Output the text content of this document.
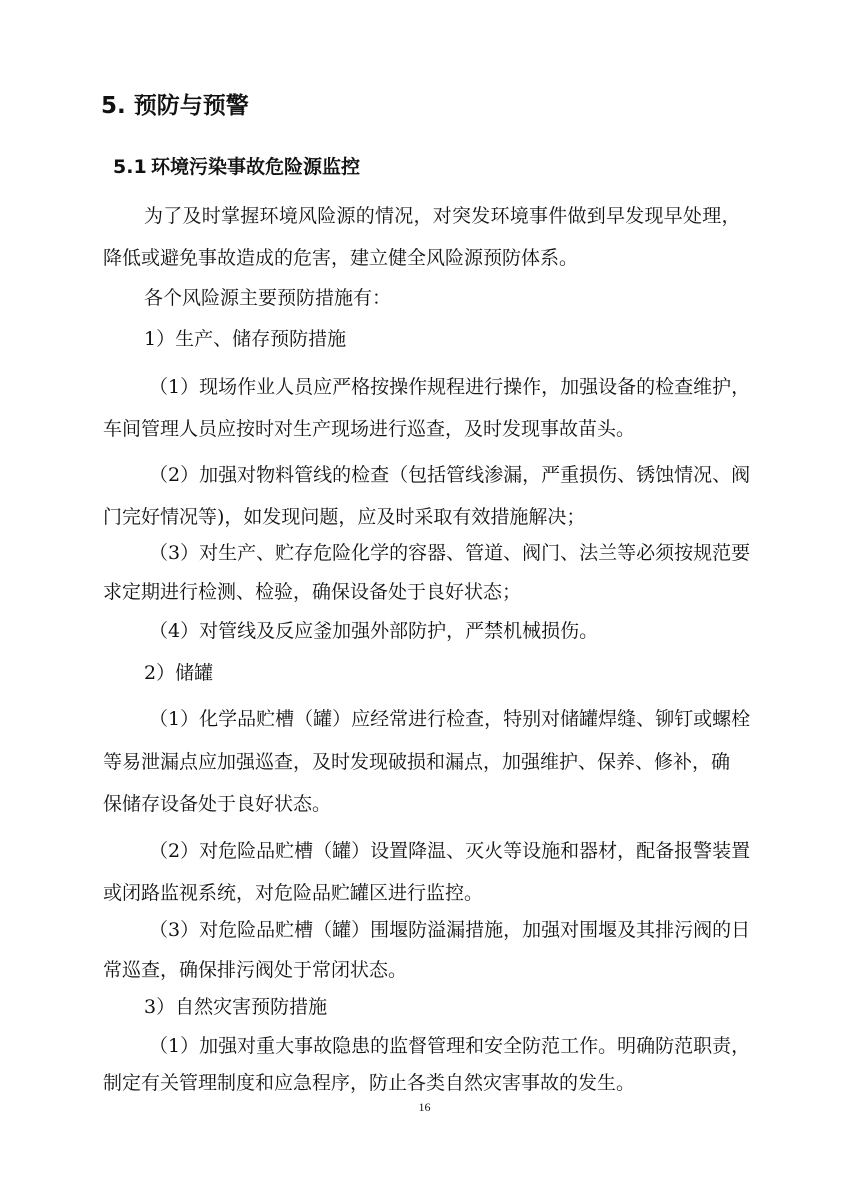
5. 预防与预警
5.1 环境污染事故危险源监控
为了及时掌握环境风险源的情况，对突发环境事件做到早发现早处理，
降低或避免事故造成的危害，建立健全风险源预防体系。
各个风险源主要预防措施有：
1）生产、储存预防措施
（1）现场作业人员应严格按操作规程进行操作，加强设备的检查维护，
车间管理人员应按时对生产现场进行巡查，及时发现事故苗头。
（2）加强对物料管线的检查（包括管线渗漏，严重损伤、锈蚀情况、阀
门完好情况等)，如发现问题，应及时采取有效措施解决；
（3）对生产、贮存危险化学的容器、管道、阀门、法兰等必须按规范要
求定期进行检测、检验，确保设备处于良好状态；
（4）对管线及反应釜加强外部防护，严禁机械损伤。
2）储罐
（1）化学品贮槽（罐）应经常进行检查，特别对储罐焊缝、铆钉或螺栓
等易泄漏点应加强巡查，及时发现破损和漏点，加强维护、保养、修补，确
保储存设备处于良好状态。
（2）对危险品贮槽（罐）设置降温、灭火等设施和器材，配备报警装置
或闭路监视系统，对危险品贮罐区进行监控。
（3）对危险品贮槽（罐）围堰防溢漏措施，加强对围堰及其排污阀的日
常巡查，确保排污阀处于常闭状态。
3）自然灾害预防措施
（1）加强对重大事故隐患的监督管理和安全防范工作。明确防范职责，
制定有关管理制度和应急程序，防止各类自然灾害事故的发生。
16
